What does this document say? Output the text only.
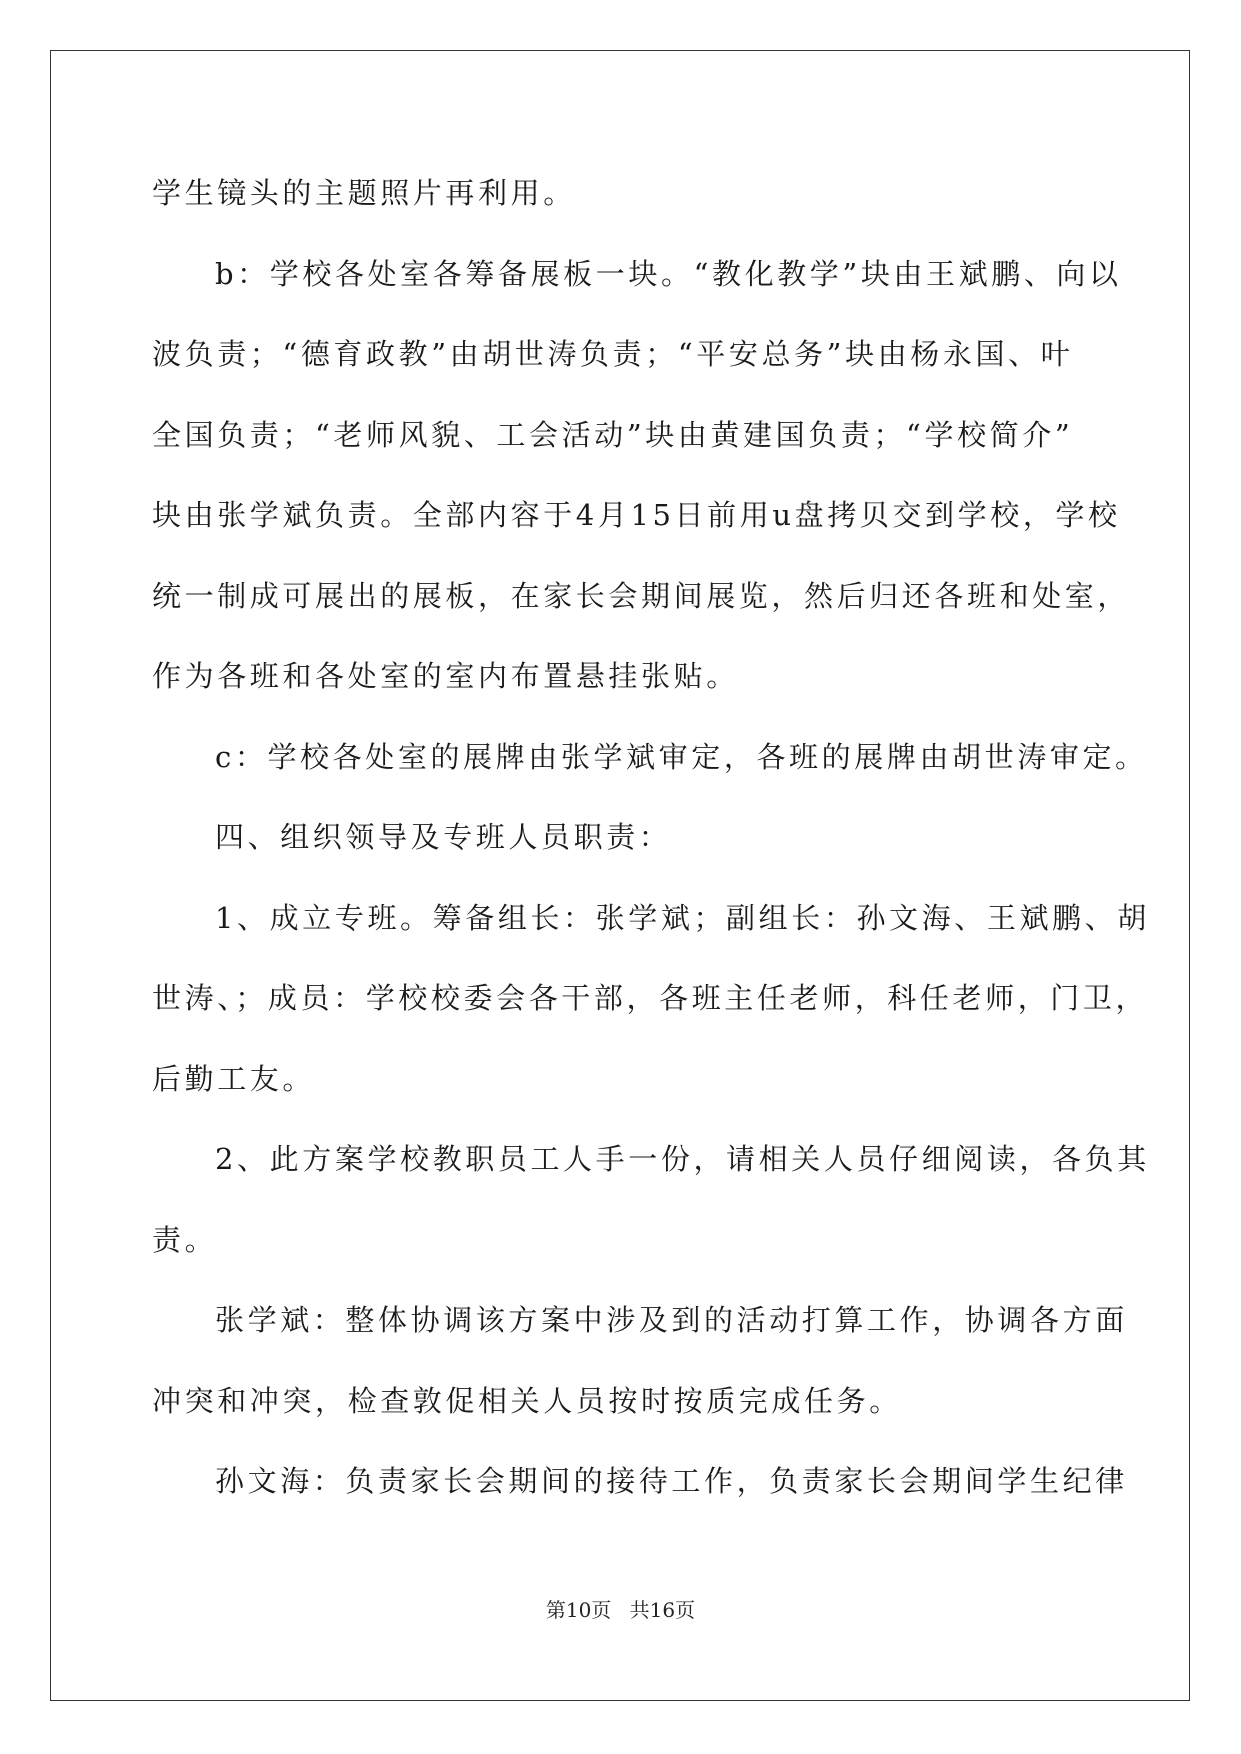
学生镜头的主题照片再利用。
b：学校各处室各筹备展板一块。“教化教学”块由王斌鹏、向以
波负责；“德育政教”由胡世涛负责；“平安总务”块由杨永国、叶
全国负责；“老师风貌、工会活动”块由黄建国负责；“学校简介”
块由张学斌负责。全部内容于4月15日前用u盘拷贝交到学校，学校
统一制成可展出的展板，在家长会期间展览，然后归还各班和处室，
作为各班和各处室的室内布置悬挂张贴。
c：学校各处室的展牌由张学斌审定，各班的展牌由胡世涛审定。
四、组织领导及专班人员职责：
1、成立专班。筹备组长：张学斌；副组长：孙文海、王斌鹏、胡
世涛、；成员：学校校委会各干部，各班主任老师，科任老师，门卫，
后勤工友。
2、此方案学校教职员工人手一份，请相关人员仔细阅读，各负其
责。
张学斌：整体协调该方案中涉及到的活动打算工作，协调各方面
冲突和冲突，检查敦促相关人员按时按质完成任务。
孙文海：负责家长会期间的接待工作，负责家长会期间学生纪律
第10页 共16页
